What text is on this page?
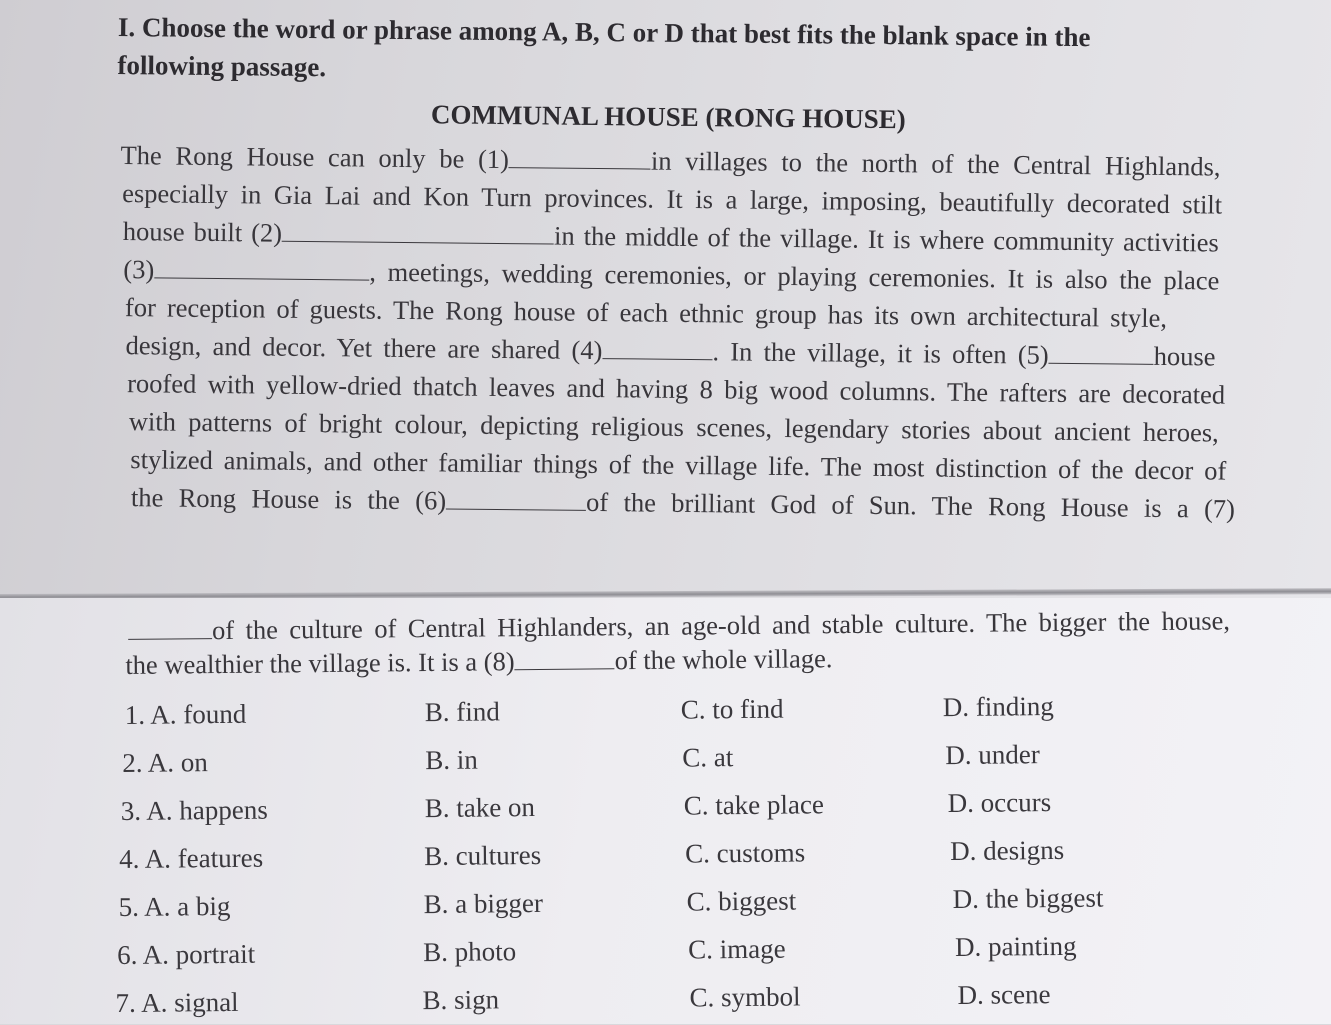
I. Choose the word or phrase among A, B, C or D that best fits the blank space in the
following passage.
COMMUNAL HOUSE (RONG HOUSE)
The Rong House can only be (1)	in villages to the north of the Central Highlands,
especially in Gia Lai and Kon Turn provinces. It is a large, imposing, beautifully decorated stilt
house built (2)	in the middle of the village. It is where community activities
(3)	, meetings, wedding ceremonies, or playing ceremonies. It is also the place
for reception of guests. The Rong house of each ethnic group has its own architectural style,
design, and decor. Yet there are shared (4)	. In the village, it is often (5)	house
roofed with yellow-dried thatch leaves and having 8 big wood columns. The rafters are decorated
with patterns of bright colour, depicting religious scenes, legendary stories about ancient heroes,
stylized animals, and other familiar things of the village life. The most distinction of the decor of
the Rong House is the (6)	of the brilliant God of Sun. The Rong House is a (7)
of the culture of Central Highlanders, an age-old and stable culture. The bigger the house,
the wealthier the village is. It is a (8)	of the whole village.
1. A. found	B. find	C. to find	D. finding
2. A. on	B. in	C. at	D. under
3. A. happens	B. take on	C. take place	D. occurs
4. A. features	B. cultures	C. customs	D. designs
5. A. a big	B. a bigger	C. biggest	D. the biggest
6. A. portrait	B. photo	C. image	D. painting
7. A. signal	B. sign	C. symbol	D. scene
